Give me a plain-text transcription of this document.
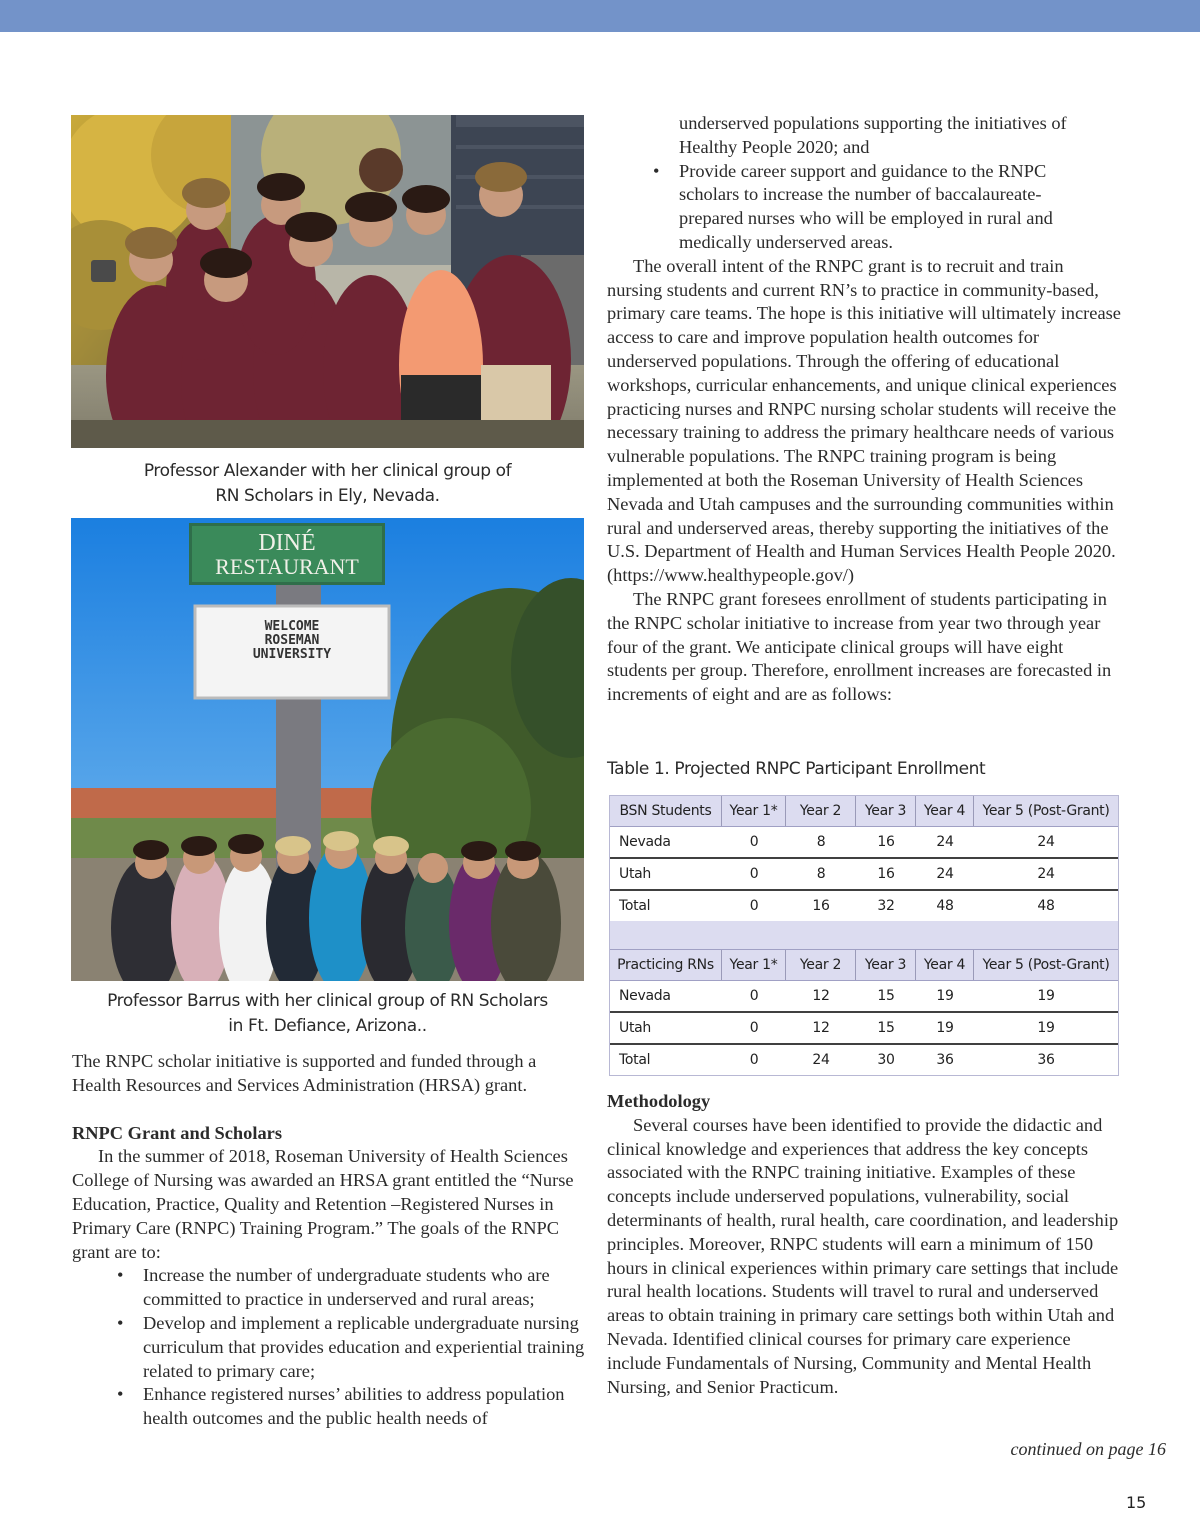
Professor Alexander with her clinical group of
RN Scholars in Ely, Nevada.
DINÉ
RESTAURANT
WELCOME
ROSEMAN
UNIVERSITY
Professor Barrus with her clinical group of RN Scholars
in Ft. Defiance, Arizona..

The RNPC scholar initiative is supported and funded through a Health Resources and Services Administration (HRSA) grant.

RNPC Grant and Scholars

In the summer of 2018, Roseman University of Health Sciences College of Nursing was awarded an HRSA grant entitled the “Nurse Education, Practice, Quality and Retention –Registered Nurses in Primary Care (RNPC) Training Program.” The goals of the RNPC grant are to:

• Increase the number of undergraduate students who are committed to practice in underserved and rural areas;
• Develop and implement a replicable undergraduate nursing curriculum that provides education and experiential training related to primary care;
• Enhance registered nurses’ abilities to address population health outcomes and the public health needs of
underserved populations supporting the initiatives of Healthy People 2020; and
• Provide career support and guidance to the RNPC scholars to increase the number of baccalaureate-prepared nurses who will be employed in rural and medically underserved areas.

The overall intent of the RNPC grant is to recruit and train nursing students and current RN’s to practice in community-based, primary care teams. The hope is this initiative will ultimately increase access to care and improve population health outcomes for underserved populations. Through the offering of educational workshops, curricular enhancements, and unique clinical experiences practicing nurses and RNPC nursing scholar students will receive the necessary training to address the primary healthcare needs of various vulnerable populations. The RNPC training program is being implemented at both the Roseman University of Health Sciences Nevada and Utah campuses and the surrounding communities within rural and underserved areas, thereby supporting the initiatives of the U.S. Department of Health and Human Services Health People 2020. (https://www.healthypeople.gov/)

The RNPC grant foresees enrollment of students participating in the RNPC scholar initiative to increase from year two through year four of the grant. We anticipate clinical groups will have eight students per group. Therefore, enrollment increases are forecasted in increments of eight and are as follows:

Table 1. Projected RNPC Participant Enrollment
BSN Students	Year 1*	Year 2	Year 3	Year 4	Year 5 (Post-Grant)
Nevada	0	8	16	24	24
Utah	0	8	16	24	24
Total	0	16	32	48	48
Practicing RNs	Year 1*	Year 2	Year 3	Year 4	Year 5 (Post-Grant)
Nevada	0	12	15	19	19
Utah	0	12	15	19	19
Total	0	24	30	36	36
Methodology

Several courses have been identified to provide the didactic and clinical knowledge and experiences that address the key concepts associated with the RNPC training initiative. Examples of these concepts include underserved populations, vulnerability, social determinants of health, rural health, care coordination, and leadership principles. Moreover, RNPC students will earn a minimum of 150 hours in clinical experiences within primary care settings that include rural health locations. Students will travel to rural and underserved areas to obtain training in primary care settings both within Utah and Nevada. Identified clinical courses for primary care experience include Fundamentals of Nursing, Community and Mental Health Nursing, and Senior Practicum.

continued on page 16
15
